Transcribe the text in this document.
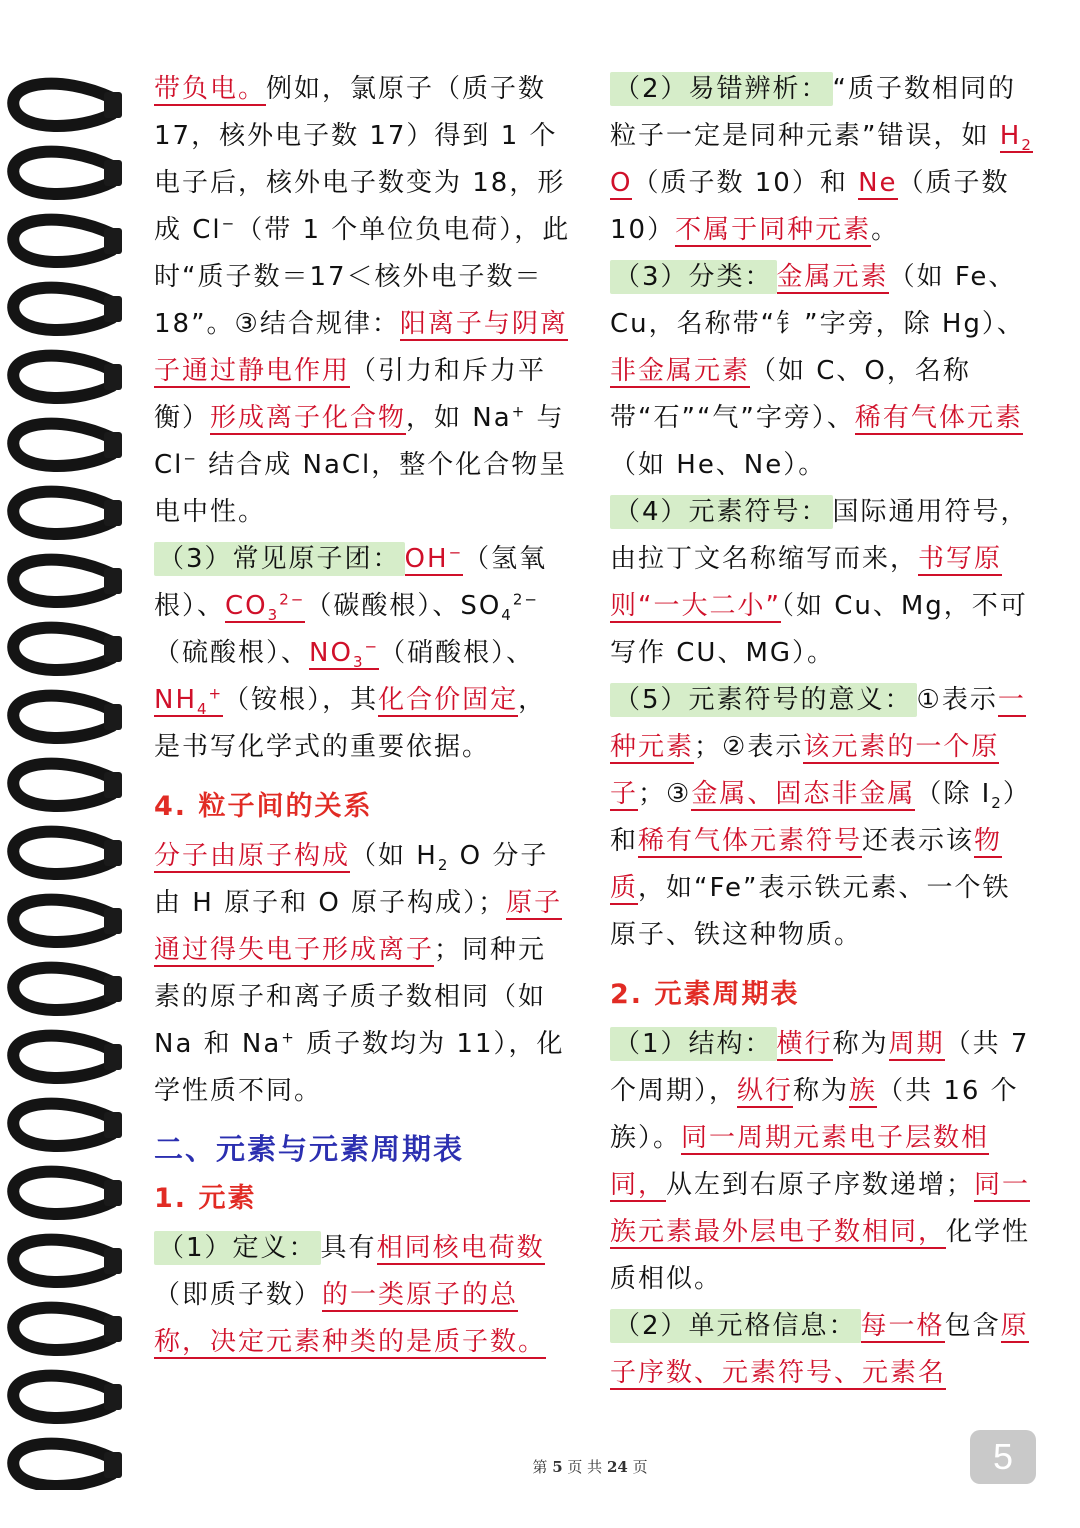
带负电。例如，氯原子（质子数 17，核外电子数 17）得到 1 个电子后，核外电子数变为 18，形成 Cl−（带 1 个单位负电荷），此时“质子数＝17＜核外电子数＝18”。③结合规律：阳离子与阴离子通过静电作用（引力和斥力平衡）形成离子化合物，如 Na+ 与 Cl− 结合成 NaCl，整个化合物呈电中性。

（3）常见原子团： OH−（氢氧根）、$CO_3^{2-}$（碳酸根）、$SO_4^{2-}$（硫酸根）、$NO_3^-$（硝酸根）、$NH_4^+$（铵根），其化合价固定，是书写化学式的重要依据。

4. 粒子间的关系

分子由原子构成（如 $H_2$ O 分子由 H 原子和 O 原子构成）；原子通过得失电子形成离子；同种元素的原子和离子质子数相同（如 Na 和 Na+ 质子数均为 11），化学性质不同。

二、元素与元素周期表
1. 元素

（1）定义： 具有相同核电荷数（即质子数）的一类原子的总称，决定元素种类的是质子数。

（2）易错辨析： “质子数相同的粒子一定是同种元素”错误，如 $H_2$ O（质子数 10）和 Ne（质子数 10）不属于同种元素。

（3）分类： 金属元素（如 Fe、Cu，名称带“钅”字旁，除 Hg）、非金属元素（如 C、O，名称带“石”“气”字旁）、稀有气体元素（如 He、Ne）。

（4）元素符号： 国际通用符号，由拉丁文名称缩写而来，书写原则“一大二小”（如 Cu、Mg，不可写作 CU、MG）。

（5）元素符号的意义： ①表示一种元素；②表示该元素的一个原子；③金属、固态非金属（除 $I_2$）和稀有气体元素符号还表示该物质，如“Fe”表示铁元素、一个铁原子、铁这种物质。

2. 元素周期表

（1）结构： 横行称为周期（共 7 个周期），纵行称为族（共 16 个族）。同一周期元素电子层数相同，从左到右原子序数递增；同一族元素最外层电子数相同，化学性质相似。

（2）单元格信息： 每一格包含原子序数、元素符号、元素名

第 5 页 共 24 页	5
